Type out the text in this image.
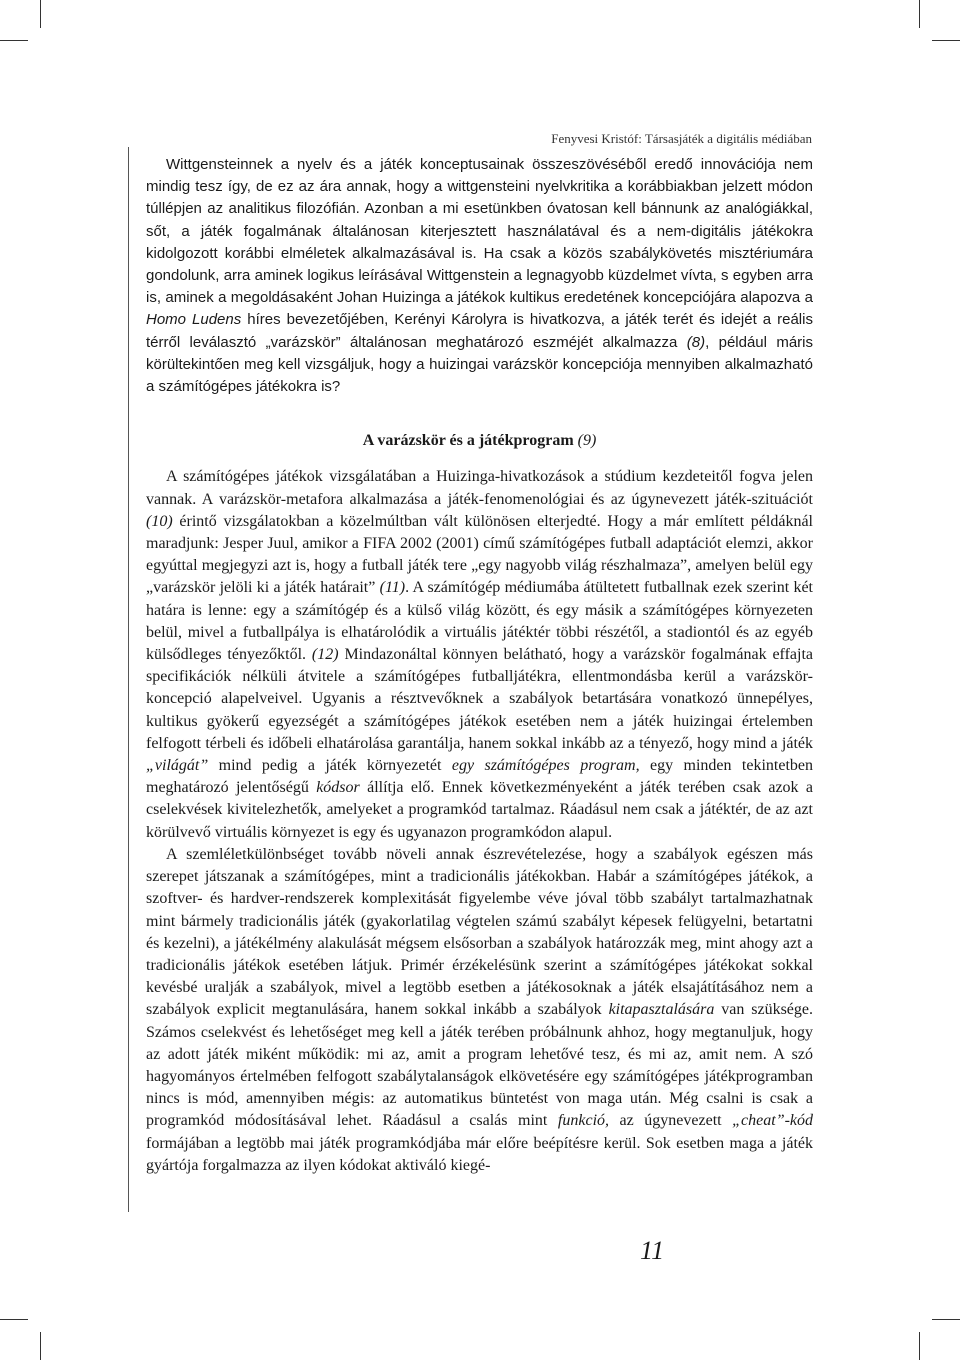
Fenyvesi Kristóf: Társasjáték a digitális médiában

Wittgensteinnek a nyelv és a játék konceptusainak összeszövéséből eredő innovációja nem mindig tesz így, de ez az ára annak, hogy a wittgensteini nyelvkritika a korábbiakban jelzett módon túllépjen az analitikus filozófián. Azonban a mi esetünkben óvatosan kell bánnunk az analógiákkal, sőt, a játék fogalmának általánosan kiterjesztett használatával és a nem-digitális játékokra kidolgozott korábbi elméletek alkalmazásával is. Ha csak a közös szabálykövetés misztériumára gondolunk, arra aminek logikus leírásával Wittgenstein a legnagyobb küzdelmet vívta, s egyben arra is, aminek a megoldásaként Johan Huizinga a játékok kultikus eredetének koncepciójára alapozva a Homo Ludens híres bevezetőjében, Kerényi Károlyra is hivatkozva, a játék terét és idejét a reális térről leválasztó „varázskör” általánosan meghatározó eszméjét alkalmazza (8), például máris körültekintően meg kell vizsgáljuk, hogy a huizingai varázskör koncepciója mennyiben alkalmazható a számítógépes játékokra is?

A varázskör és a játékprogram (9)

A számítógépes játékok vizsgálatában a Huizinga-hivatkozások a stúdium kezdeteitől fogva jelen vannak. A varázskör-metafora alkalmazása a játék-fenomenológiai és az úgynevezett játék-szituációt (10) érintő vizsgálatokban a közelmúltban vált különösen elterjedté. Hogy a már említett példáknál maradjunk: Jesper Juul, amikor a FIFA 2002 (2001) című számítógépes futball adaptációt elemzi, akkor egyúttal megjegyzi azt is, hogy a futball játék tere „egy nagyobb világ részhalmaza”, amelyen belül egy „varázskör jelöli ki a játék határait” (11). A számítógép médiumába átültetett futballnak ezek szerint két határa is lenne: egy a számítógép és a külső világ között, és egy másik a számítógépes környezeten belül, mivel a futballpálya is elhatárolódik a virtuális játéktér többi részétől, a stadiontól és az egyéb külsődleges tényezőktől. (12) Mindazonáltal könnyen belátható, hogy a varázskör fogalmának effajta specifikációk nélküli átvitele a számítógépes futballjátékra, ellentmondásba kerül a varázskör-koncepció alapelveivel. Ugyanis a résztvevőknek a szabályok betartására vonatkozó ünnepélyes, kultikus gyökerű egyezségét a számítógépes játékok esetében nem a játék huizingai értelemben felfogott térbeli és időbeli elhatárolása garantálja, hanem sokkal inkább az a tényező, hogy mind a játék „világát” mind pedig a játék környezetét egy számítógépes program, egy minden tekintetben meghatározó jelentőségű kódsor állítja elő. Ennek következményeként a játék terében csak azok a cselekvések kivitelezhetők, amelyeket a programkód tartalmaz. Ráadásul nem csak a játéktér, de az azt körülvevő virtuális környezet is egy és ugyanazon programkódon alapul.

A szemléletkülönbséget tovább növeli annak észrevételezése, hogy a szabályok egészen más szerepet játszanak a számítógépes, mint a tradicionális játékokban. Habár a számítógépes játékok, a szoftver- és hardver-rendszerek komplexitását figyelembe véve jóval több szabályt tartalmazhatnak mint bármely tradicionális játék (gyakorlatilag végtelen számú szabályt képesek felügyelni, betartatni és kezelni), a játékélmény alakulását mégsem elsősorban a szabályok határozzák meg, mint ahogy azt a tradicionális játékok esetében látjuk. Primér érzékelésünk szerint a számítógépes játékokat sokkal kevésbé uralják a szabályok, mivel a legtöbb esetben a játékosoknak a játék elsajátításához nem a szabályok explicit megtanulására, hanem sokkal inkább a szabályok kitapasztalására van szüksége. Számos cselekvést és lehetőséget meg kell a játék terében próbálnunk ahhoz, hogy megtanuljuk, hogy az adott játék miként működik: mi az, amit a program lehetővé tesz, és mi az, amit nem. A szó hagyományos értelmében felfogott szabálytalanságok elkövetésére egy számítógépes játékprogramban nincs is mód, amennyiben mégis: az automatikus büntetést von maga után. Még csalni is csak a programkód módosításával lehet. Ráadásul a csalás mint funkció, az úgynevezett „cheat”-kód formájában a legtöbb mai játék programkódjába már előre beépítésre kerül. Sok esetben maga a játék gyártója forgalmazza az ilyen kódokat aktiváló kiegé-

11
